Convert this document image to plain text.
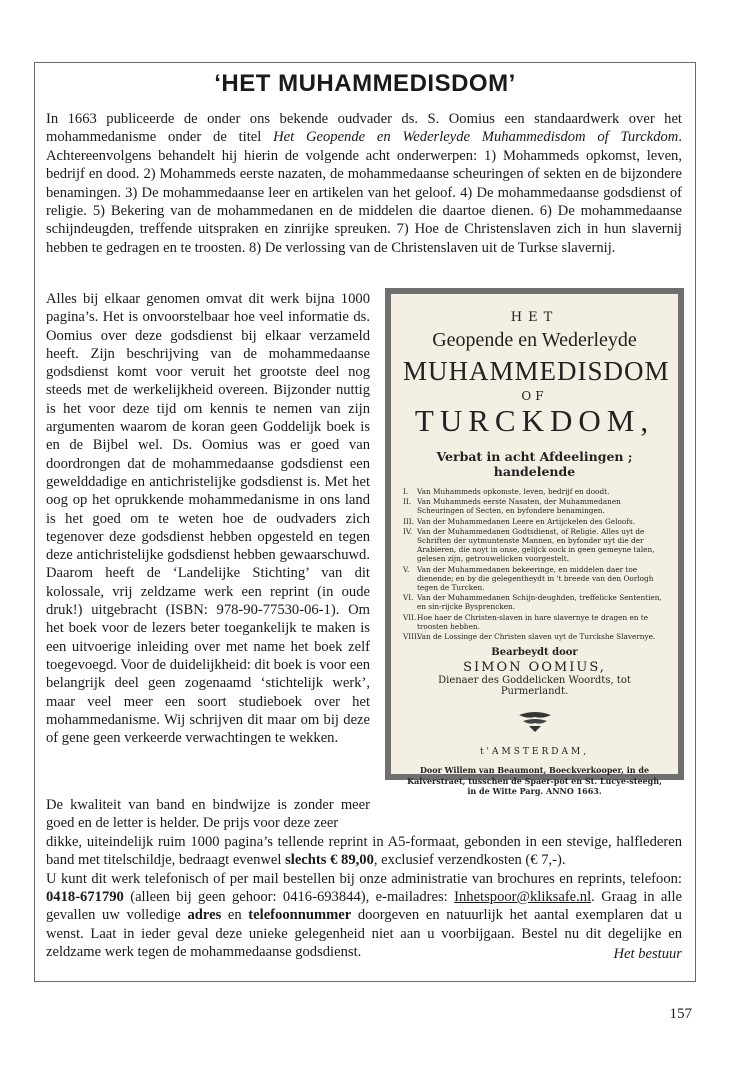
‘HET MUHAMMEDISDOM’

In 1663 publiceerde de onder ons bekende oudvader ds. S. Oomius een standaardwerk over het mohammedanisme onder de titel Het Geopende en Wederleyde Muhammedisdom of Turckdom. Achtereenvolgens behandelt hij hierin de volgende acht onderwerpen: 1) Mohammeds opkomst, leven, bedrijf en dood. 2) Mohammeds eerste nazaten, de mohammedaanse scheuringen of sekten en de bijzondere benamingen. 3) De mohammedaanse leer en artikelen van het geloof. 4) De mohammedaanse godsdienst of religie. 5) Bekering van de mohammedanen en de middelen die daartoe dienen. 6) De mohammedaanse schijndeugden, treffende uitspraken en zinrijke spreuken. 7) Hoe de Christenslaven zich in hun slavernij hebben te gedragen en te troosten. 8) De verlossing van de Christenslaven uit de Turkse slavernij.

Alles bij elkaar genomen omvat dit werk bijna 1000 pagina’s. Het is onvoorstelbaar hoe veel informatie ds. Oomius over deze godsdienst bij elkaar verzameld heeft. Zijn beschrijving van de mohammedaanse godsdienst komt voor veruit het grootste deel nog steeds met de werkelijkheid overeen. Bijzonder nuttig is het voor deze tijd om kennis te nemen van zijn argumenten waarom de koran geen Goddelijk boek is en de Bijbel wel. Ds. Oomius was er goed van doordrongen dat de mohammedaanse godsdienst een gewelddadige en antichristelijke godsdienst is. Met het oog op het oprukkende mohammedanisme in ons land is het goed om te weten hoe de oudvaders zich tegenover deze godsdienst hebben opgesteld en tegen deze antichristelijke godsdienst hebben gewaarschuwd. Daarom heeft de ‘Landelijke Stichting’ van dit kolossale, vrij zeldzame werk een reprint (in oude druk!) uitgebracht (ISBN: 978-90-77530-06-1). Om het boek voor de lezers beter toegankelijk te maken is een uitvoerige inleiding over met name het boek zelf toegevoegd. Voor de duidelijkheid: dit boek is voor een belangrijk deel geen zogenaamd ‘stichtelijk werk’, maar veel meer een soort studieboek over het mohammedanisme. Wij schrijven dit maar om bij deze of gene geen verkeerde verwachtingen te wekken.

HET
Geopende en Wederleyde
MUHAMMEDISDOM
OF
TURCKDOM,
Verbat in acht Afdeelingen ; handelende
I.	Van Muhammeds opkomste, leven, bedrijf en doodt.
II. Van Muhammeds eerste Nasaten, der Muhammedanen Scheuringen of Secten, en byfondere benamingen.
III. Van der Muhammedanen Leere en Artijckelen des Geloofs.
IV. Van der Muhammedanen Godtsdienst, of Religie. Alles uyt de Schriften der uytmuntenste Mannen, en byfonder uyt die der Arabieren, die noyt in onse, gelijck oock in geen gemeyne talen, gelesen zijn, getrouwelicken voorgestelt.
V.	Van der Muhammedanen bekeeringe, en middelen daer toe dienende; en by die gelegentheydt in 't breede van den Oorlogh tegen de Turcken.
VI. Van der Muhammedanen Schijn-deughden, treffelicke Sententien, en sin-rijcke Bysprencken.
VII. Hoe haer de Christen-slaven in hare slavernye te dragen en te troosten hebben.
VIII.
Van de Lossinge der Christen slaven uyt de Turckshe Slavernye.
Bearbeydt door
SIMON OOMIUS,
Dienaer des Goddelicken Woordts, tot Purmerlandt.
t'AMSTERDAM,
Door Willem van Beaumont, Boeckverkooper, in de Kalverstraet, tusschen de Spaer-pot en St. Lucye-steegh, in de Witte Parg. ANNO 1663.

De kwaliteit van band en bindwijze is zonder meer goed en de letter is helder. De prijs voor deze zeer

dikke, uiteindelijk ruim 1000 pagina’s tellende reprint in A5-formaat, gebonden in een stevige, halflederen band met titelschildje, bedraagt evenwel slechts € 89,00, exclusief verzendkosten (€ 7,-).

U kunt dit werk telefonisch of per mail bestellen bij onze administratie van brochures en reprints, telefoon: 0418-671790 (alleen bij geen gehoor: 0416-693844), e-mailadres: Inhetspoor@kliksafe.nl. Graag in alle gevallen uw volledige adres en telefoonnummer doorgeven en natuurlijk het aantal exemplaren dat u wenst. Laat in ieder geval deze unieke gelegenheid niet aan u voorbijgaan. Bestel nu dit degelijke en zeldzame werk tegen de mohammedaanse godsdienst.	Het bestuur
157
